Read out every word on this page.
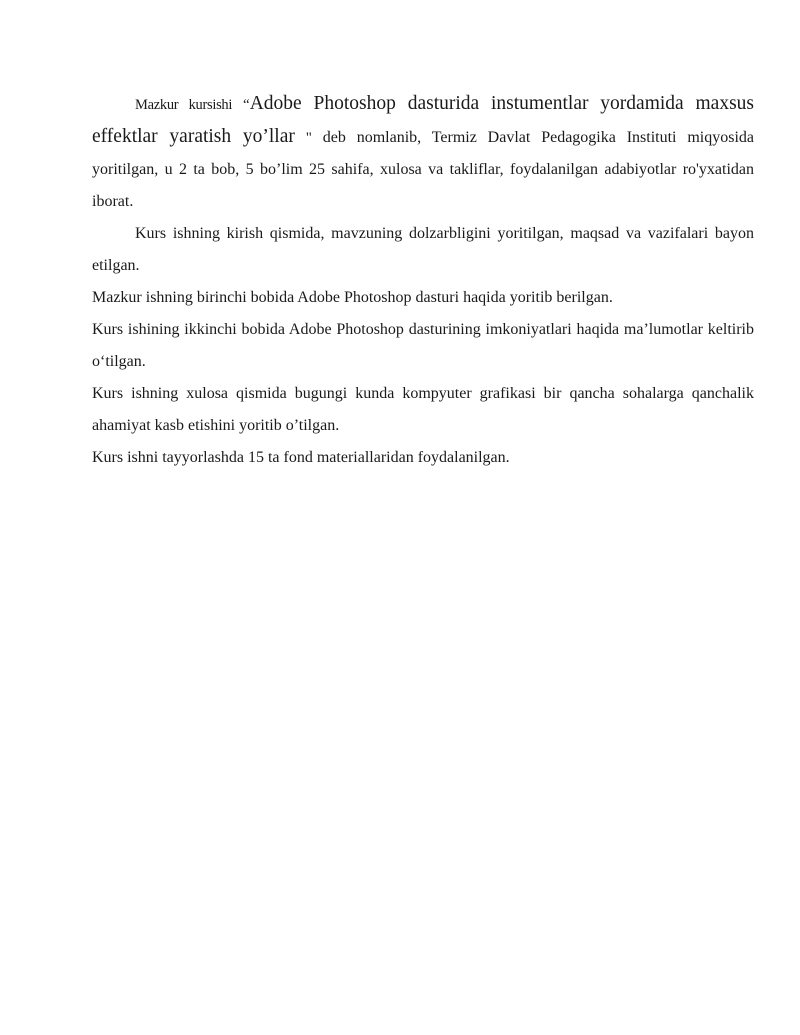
Mazkur kursishi “Adobe Photoshop dasturida instumentlar yordamida maxsus effektlar yaratish yo’llar " deb nomlanib, Termiz Davlat Pedagogika Instituti miqyosida yoritilgan, u 2 ta bob, 5 bo’lim 25 sahifa, xulosa va takliflar, foydalanilgan adabiyotlar ro'yxatidan iborat.

Kurs ishning kirish qismida, mavzuning dolzarbligini yoritilgan, maqsad va vazifalari bayon etilgan.

Mazkur ishning birinchi bobida Adobe Photoshop dasturi haqida yoritib berilgan.

Kurs ishining ikkinchi bobida Adobe Photoshop dasturining imkoniyatlari haqida ma’lumotlar keltirib o‘tilgan.

Kurs ishning xulosa qismida bugungi kunda kompyuter grafikasi bir qancha sohalarga qanchalik ahamiyat kasb etishini yoritib o’tilgan.

Kurs ishni tayyorlashda 15 ta fond materiallaridan foydalanilgan.
